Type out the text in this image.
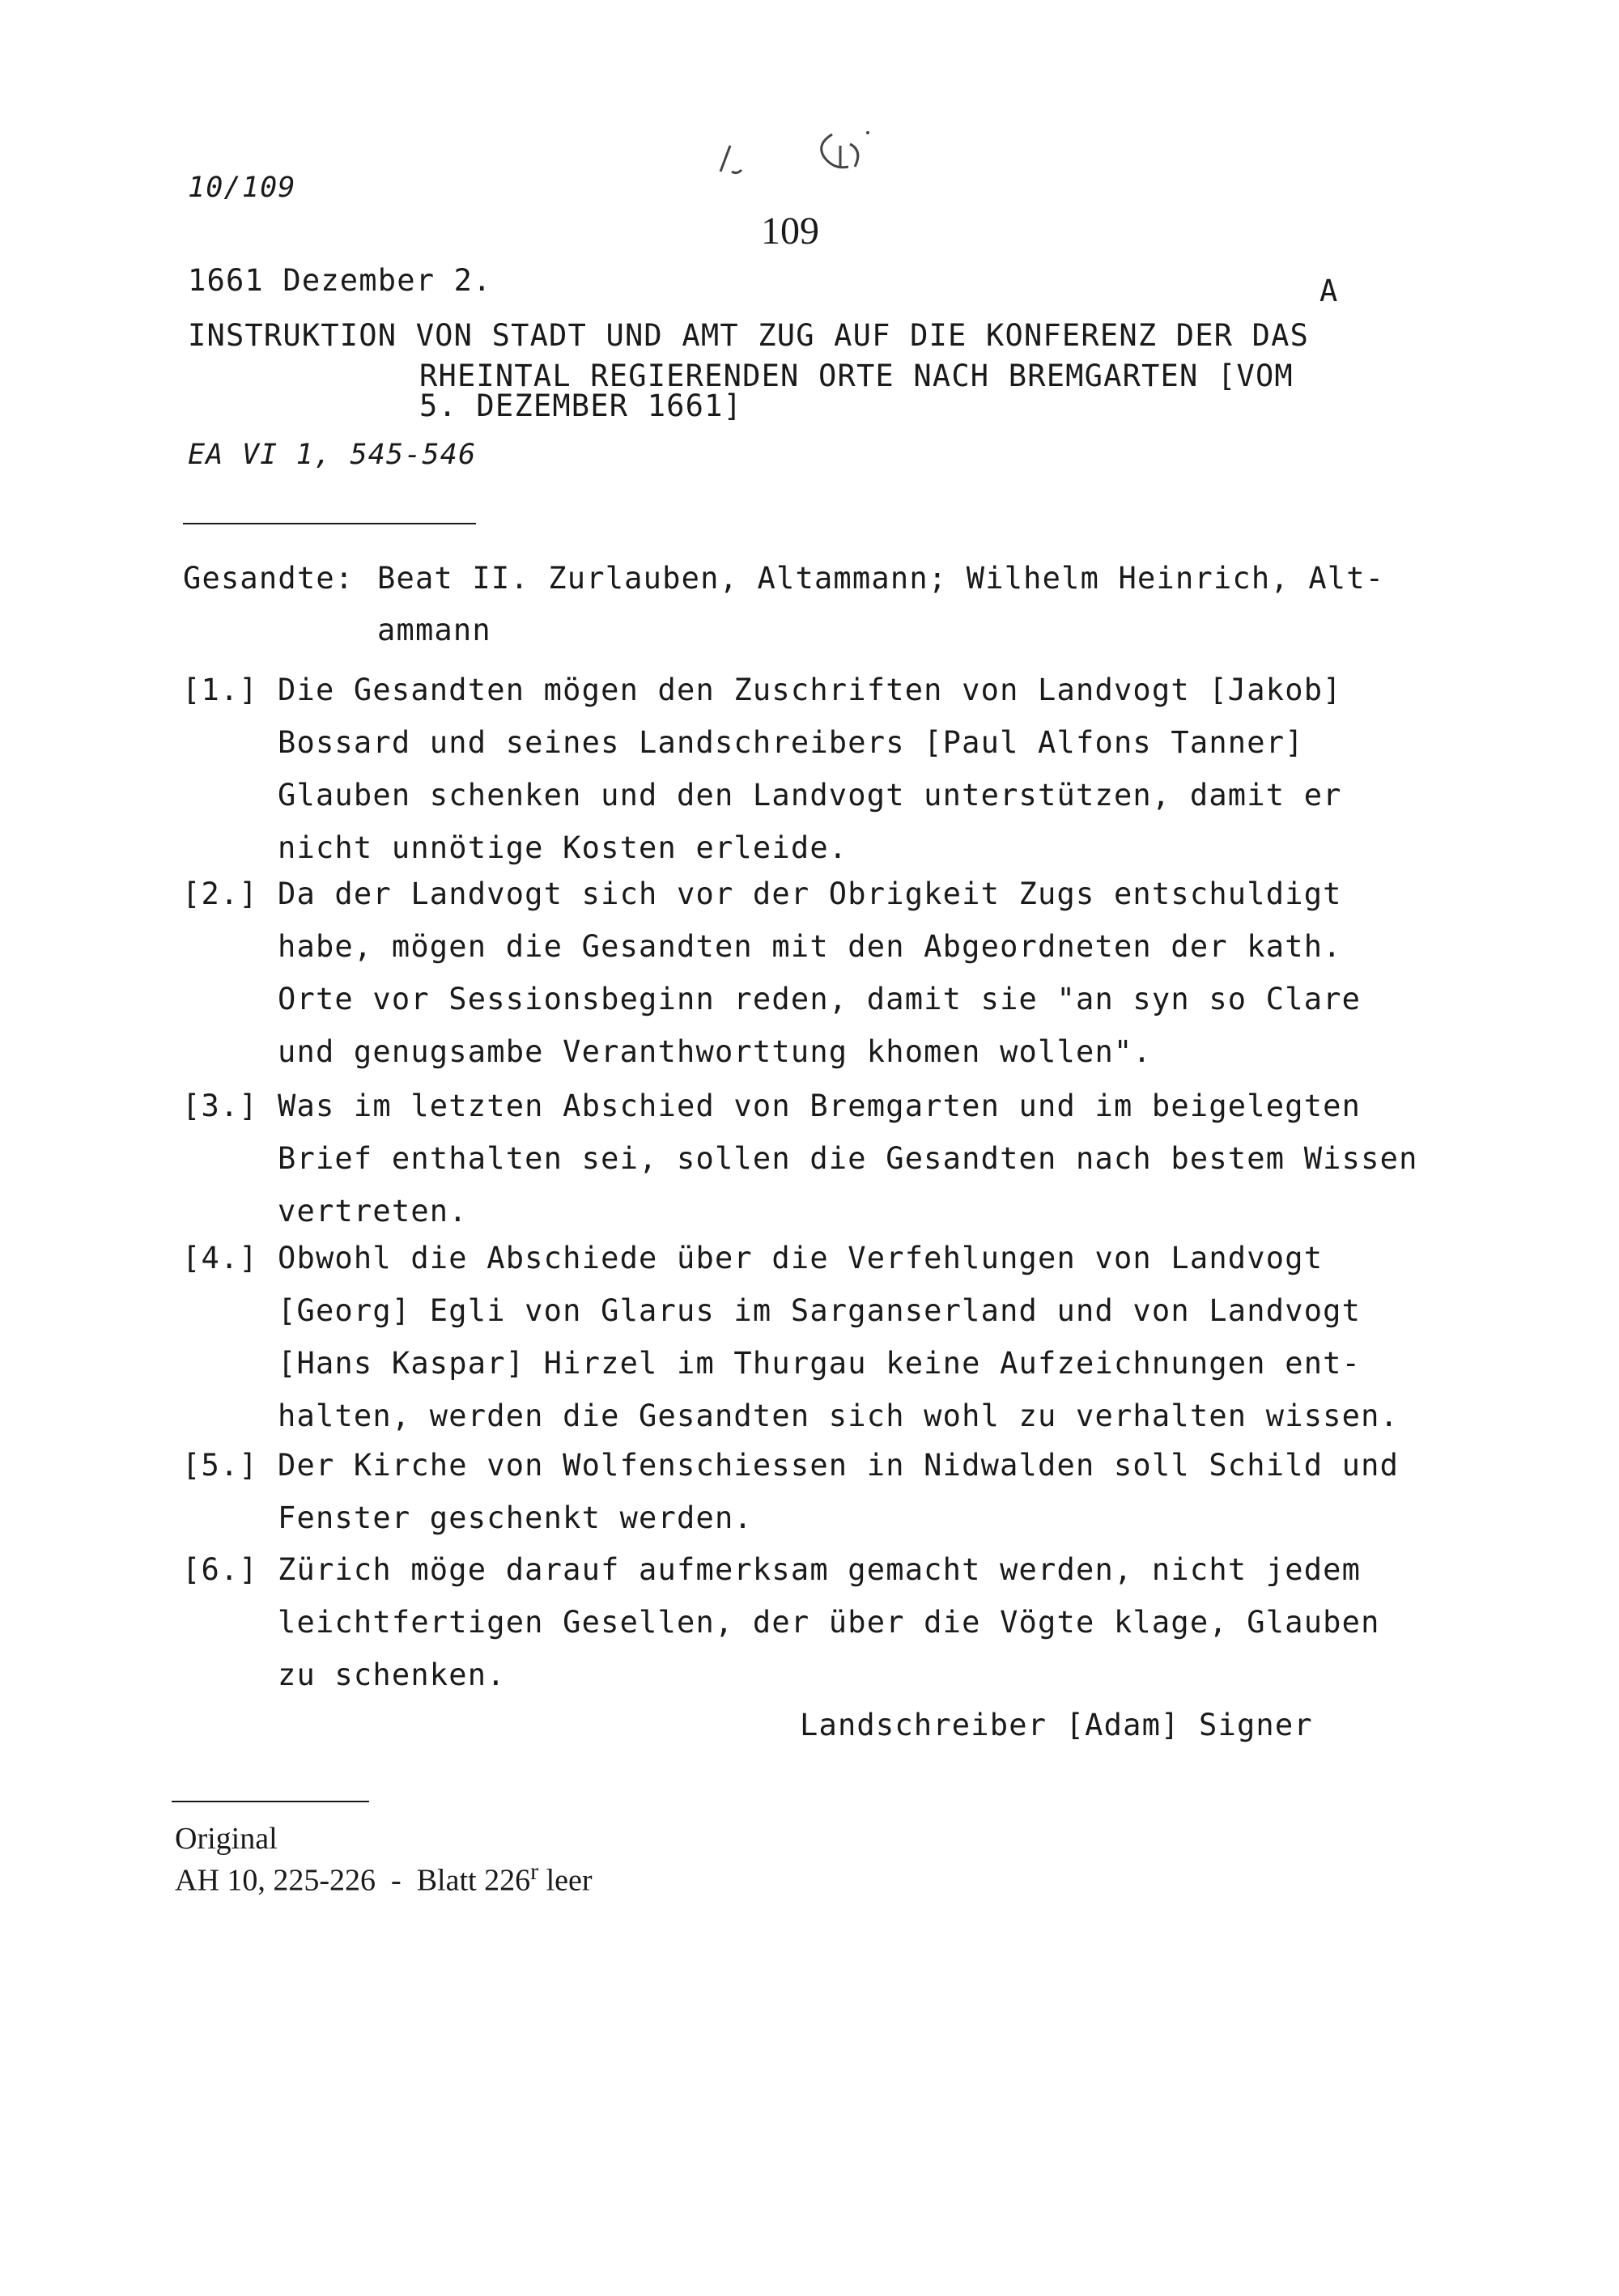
10/109
109
1661 Dezember 2.	A
INSTRUKTION VON STADT UND AMT ZUG AUF DIE KONFERENZ DER DAS
RHEINTAL REGIERENDEN ORTE NACH BREMGARTEN [VOM
5. DEZEMBER 1661]
EA VI 1, 545-546
Gesandte: Beat II. Zurlauben, Altammann; Wilhelm Heinrich, Alt-
ammann
[1.] Die Gesandten mögen den Zuschriften von Landvogt [Jakob]
Bossard und seines Landschreibers [Paul Alfons Tanner]
Glauben schenken und den Landvogt unterstützen, damit er
nicht unnötige Kosten erleide.
[2.] Da der Landvogt sich vor der Obrigkeit Zugs entschuldigt
habe, mögen die Gesandten mit den Abgeordneten der kath.
Orte vor Sessionsbeginn reden, damit sie "an syn so Clare
und genugsambe Veranthworttung khomen wollen".
[3.] Was im letzten Abschied von Bremgarten und im beigelegten
Brief enthalten sei, sollen die Gesandten nach bestem Wissen
vertreten.
[4.] Obwohl die Abschiede über die Verfehlungen von Landvogt
[Georg] Egli von Glarus im Sarganserland und von Landvogt
[Hans Kaspar] Hirzel im Thurgau keine Aufzeichnungen ent-
halten, werden die Gesandten sich wohl zu verhalten wissen.
[5.] Der Kirche von Wolfenschiessen in Nidwalden soll Schild und
Fenster geschenkt werden.
[6.] Zürich möge darauf aufmerksam gemacht werden, nicht jedem
leichtfertigen Gesellen, der über die Vögte klage, Glauben
zu schenken.
Landschreiber [Adam] Signer
Original
AH 10, 225-226  -  Blatt 226$^r$ leer
